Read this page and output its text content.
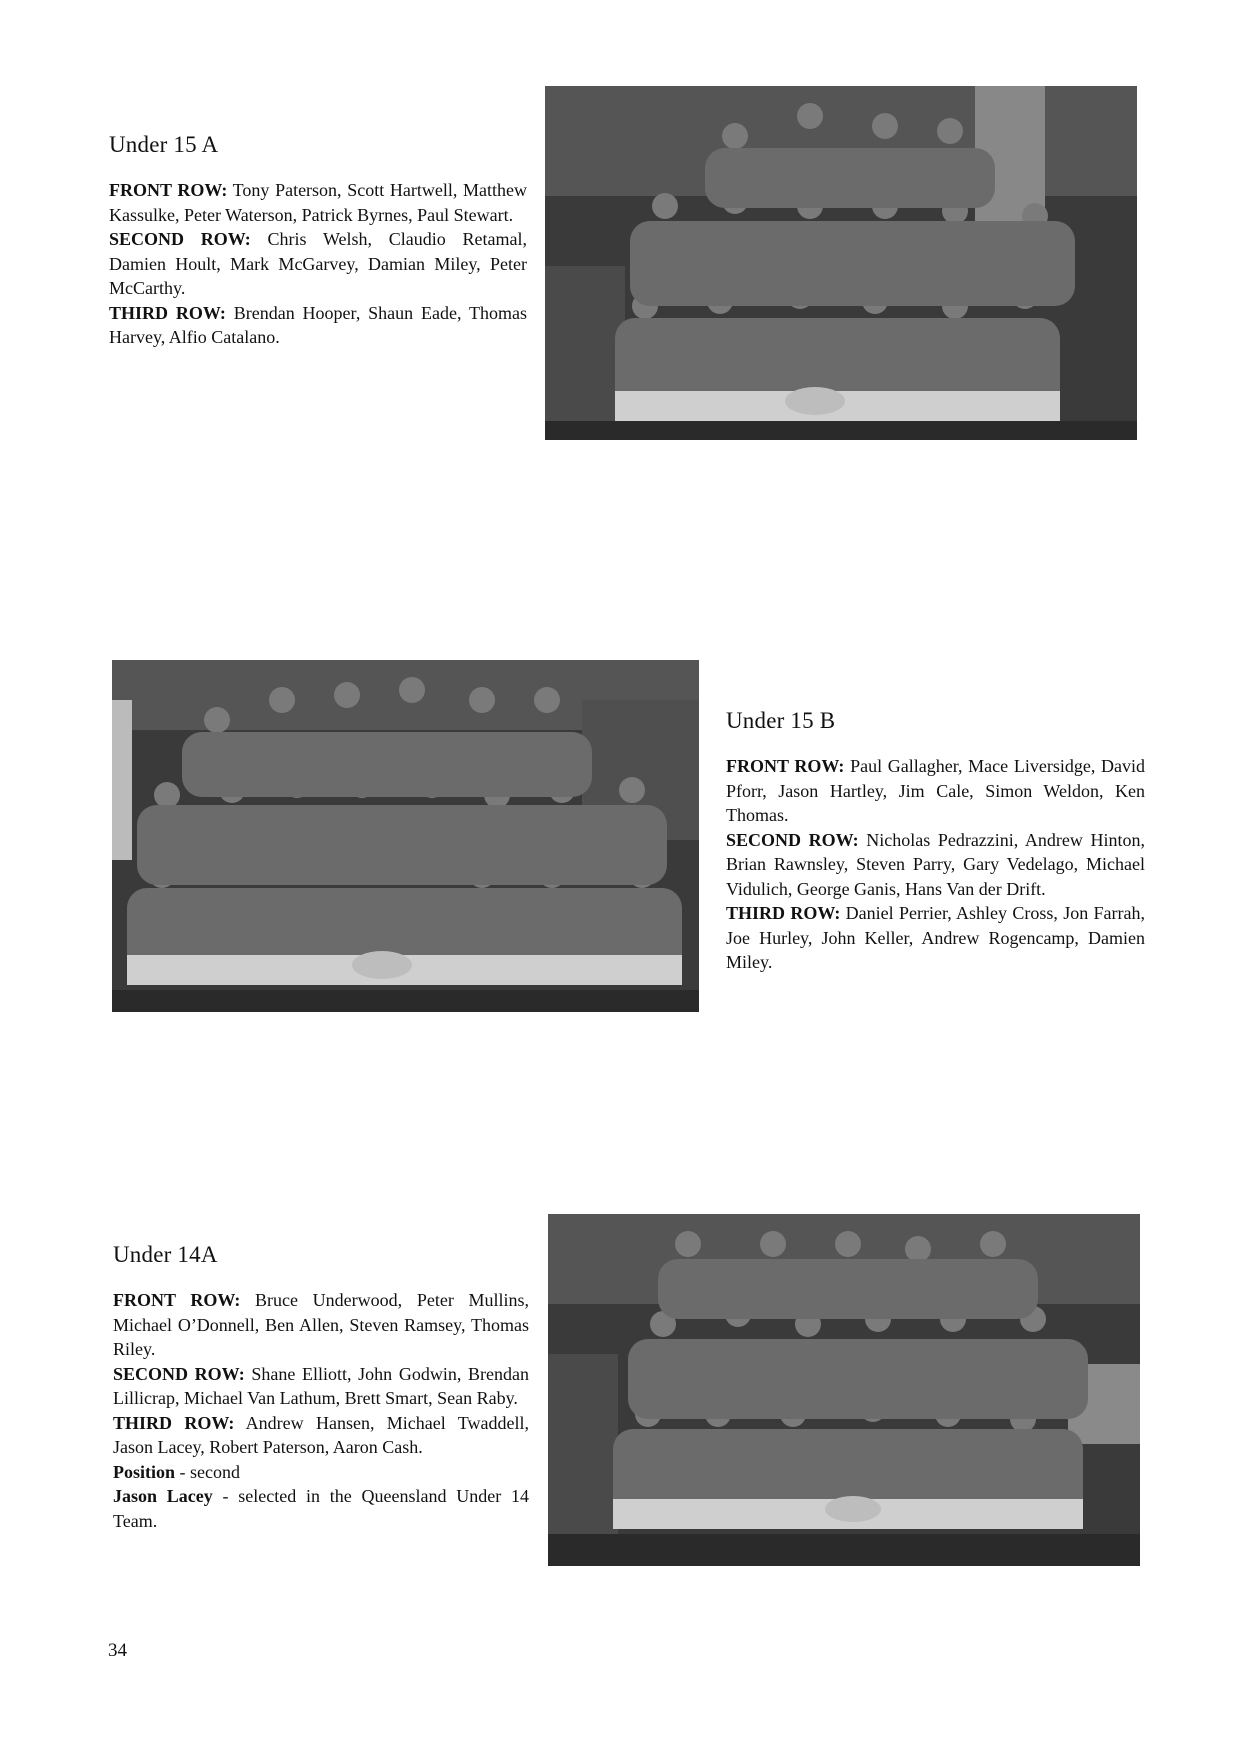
Under 15 A
FRONT ROW: Tony Paterson, Scott Hartwell, Matthew Kassulke, Peter Waterson, Patrick Byrnes, Paul Stewart.
SECOND ROW: Chris Welsh, Claudio Retamal, Damien Hoult, Mark McGarvey, Damian Miley, Peter McCarthy.
THIRD ROW: Brendan Hooper, Shaun Eade, Thomas Harvey, Alfio Catalano.
Under 15 B
FRONT ROW: Paul Gallagher, Mace Liversidge, David Pforr, Jason Hartley, Jim Cale, Simon Weldon, Ken Thomas.
SECOND ROW: Nicholas Pedrazzini, Andrew Hinton, Brian Rawnsley, Steven Parry, Gary Vedelago, Michael Vidulich, George Ganis, Hans Van der Drift.
THIRD ROW: Daniel Perrier, Ashley Cross, Jon Farrah, Joe Hurley, John Keller, Andrew Rogencamp, Damien Miley.
Under 14A
FRONT ROW: Bruce Underwood, Peter Mullins, Michael O’Donnell, Ben Allen, Steven Ramsey, Thomas Riley.
SECOND ROW: Shane Elliott, John Godwin, Brendan Lillicrap, Michael Van Lathum, Brett Smart, Sean Raby.
THIRD ROW: Andrew Hansen, Michael Twaddell, Jason Lacey, Robert Paterson, Aaron Cash.
Position - second
Jason Lacey - selected in the Queensland Under 14 Team.
34
